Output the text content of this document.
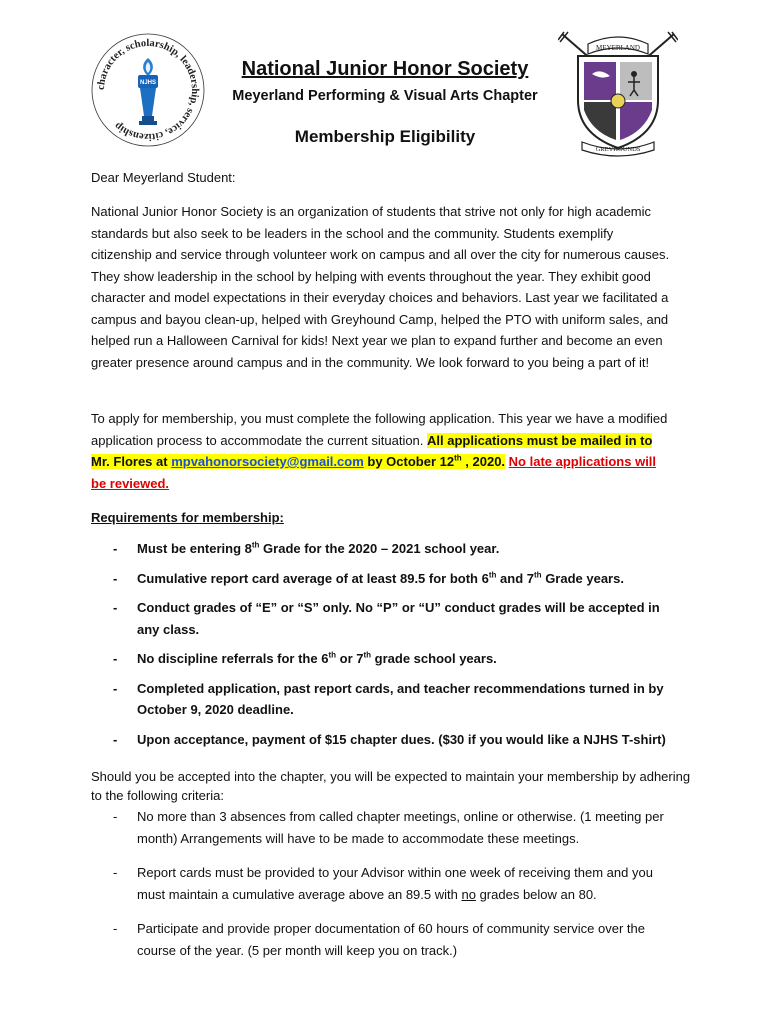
character, scholarship, leadership, service, citizenship
NJHS
MEYERLAND
GREYHOUNDS
National Junior Honor Society
Meyerland Performing & Visual Arts Chapter
Membership Eligibility
Dear Meyerland Student:
National Junior Honor Society is an organization of students that strive not only for high academic standards but also seek to be leaders in the school and the community. Students exemplify citizenship and service through volunteer work on campus and all over the city for numerous causes. They show leadership in the school by helping with events throughout the year. They exhibit good character and model expectations in their everyday choices and behaviors. Last year we facilitated a campus and bayou clean-up, helped with Greyhound Camp, helped the PTO with uniform sales, and helped run a Halloween Carnival for kids! Next year we plan to expand further and become an even greater presence around campus and in the community. We look forward to you being a part of it!
To apply for membership, you must complete the following application. This year we have a modified application process to accommodate the current situation. All applications must be mailed in to Mr. Flores at mpvahonorsociety@gmail.com by October 12th , 2020. No late applications will be reviewed.
Requirements for membership:
- Must be entering 8th Grade for the 2020 – 2021 school year.
- Cumulative report card average of at least 89.5 for both 6th and 7th Grade years.
- Conduct grades of “E” or “S” only. No “P” or “U” conduct grades will be accepted in any class.
- No discipline referrals for the 6th or 7th grade school years.
- Completed application, past report cards, and teacher recommendations turned in by October 9, 2020 deadline.
- Upon acceptance, payment of $15 chapter dues. ($30 if you would like a NJHS T-shirt)
Should you be accepted into the chapter, you will be expected to maintain your membership by adhering to the following criteria:
- No more than 3 absences from called chapter meetings, online or otherwise. (1 meeting per month) Arrangements will have to be made to accommodate these meetings.
- Report cards must be provided to your Advisor within one week of receiving them and you must maintain a cumulative average above an 89.5 with no grades below an 80.
- Participate and provide proper documentation of 60 hours of community service over the course of the year. (5 per month will keep you on track.)
